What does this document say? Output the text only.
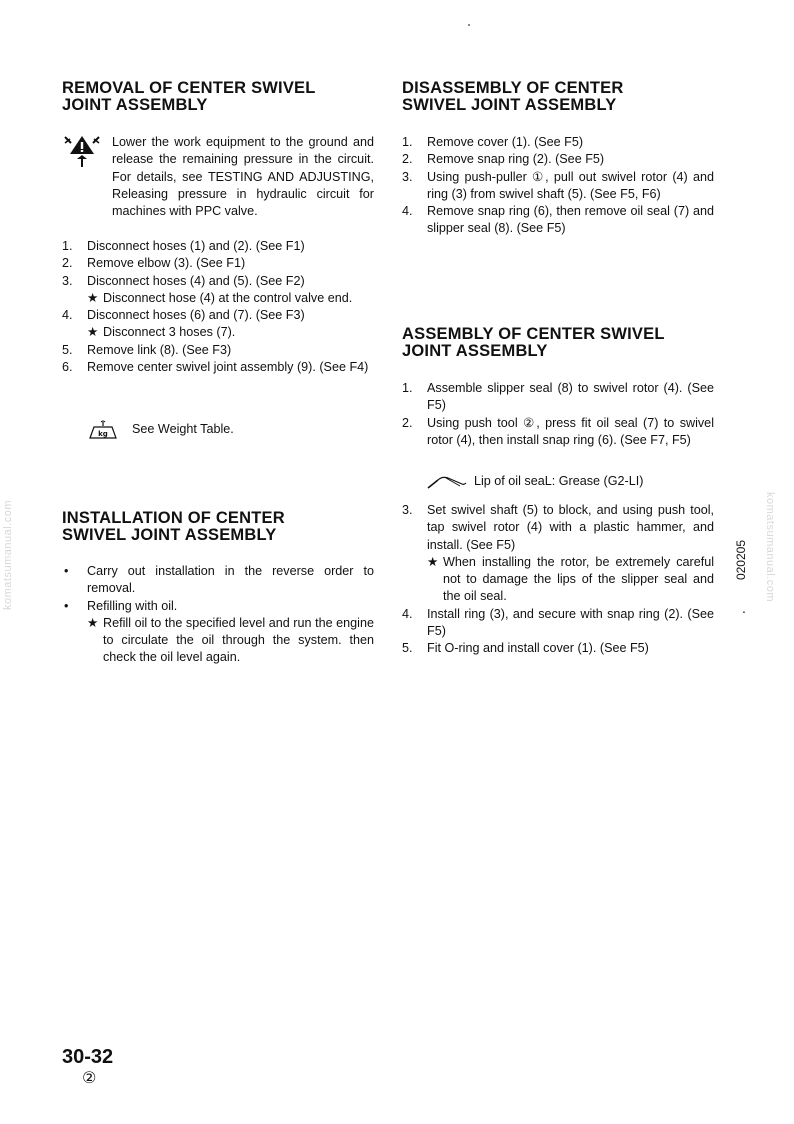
komatsumanual.com	komatsumanual.com
REMOVAL OF CENTER SWIVEL
JOINT ASSEMBLY
Lower the work equipment to the ground and release the remaining pressure in the circuit. For details, see TESTING AND ADJUSTING, Releasing pressure in hydraulic circuit for machines with PPC valve.
1. Disconnect hoses (1) and (2). (See F1)
2. Remove elbow (3). (See F1)
3. Disconnect hoses (4) and (5). (See F2)
★ Disconnect hose (4) at the control valve end.
4. Disconnect hoses (6) and (7). (See F3)
★ Disconnect 3 hoses (7).
5. Remove link (8). (See F3)
6. Remove center swivel joint assembly (9). (See F4)
kg See Weight Table.
INSTALLATION OF CENTER
SWIVEL JOINT ASSEMBLY
• Carry out installation in the reverse order to removal.
• Refilling with oil.
★ Refill oil to the specified level and run the engine to circulate the oil through the system. then check the oil level again.
DISASSEMBLY OF CENTER
SWIVEL JOINT ASSEMBLY
1. Remove cover (1). (See F5)
2. Remove snap ring (2). (See F5)
3. Using push-puller ①, pull out swivel rotor (4) and ring (3) from swivel shaft (5). (See F5, F6)
4. Remove snap ring (6), then remove oil seal (7) and slipper seal (8). (See F5)
ASSEMBLY OF CENTER SWIVEL
JOINT ASSEMBLY
1. Assemble slipper seal (8) to swivel rotor (4). (See F5)
2. Using push tool ②, press fit oil seal (7) to swivel rotor (4), then install snap ring (6). (See F7, F5)
Lip of oil seaL: Grease (G2-LI)
3. Set swivel shaft (5) to block, and using push tool, tap swivel rotor (4) with a plastic hammer, and install. (See F5)
★ When installing the rotor, be extremely careful not to damage the lips of the slipper seal and the oil seal.
4. Install ring (3), and secure with snap ring (2). (See F5)
5. Fit O-ring and install cover (1). (See F5)
020205
.
30-32
②
